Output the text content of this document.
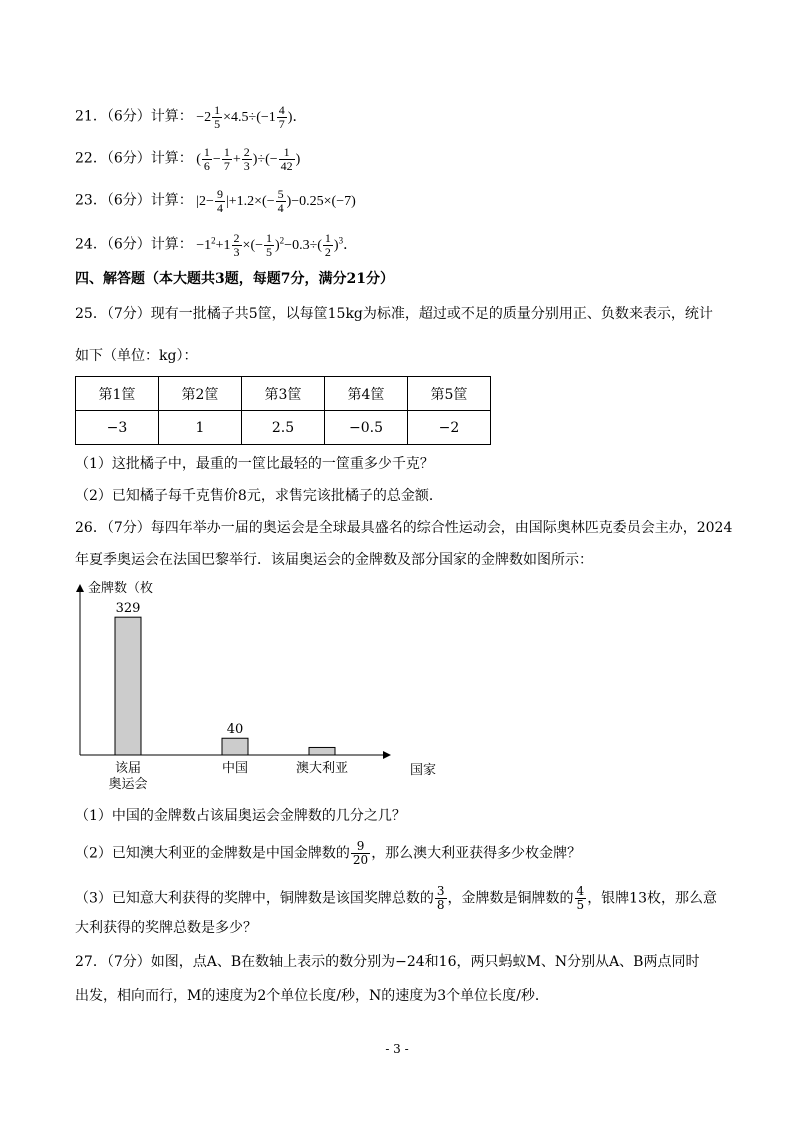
21．（6分）计算： $-2 \frac{1}{5} \times 4.5\div(-1 \frac{4}{7}$ )．
22．（6分）计算： ( $\frac{1}{6} - \frac{1}{7} + \frac{2}{3}$ )÷(− $\frac{1}{42}$ )
23．（6分）计算： $|2- \frac{9}{4} |+1.2\times(- \frac{5}{4} )-0.25\times(-7)$
24．（6分）计算： $-1^2+1 \frac{2}{3}$ ×(− $\frac{1}{5} )^2-0.3\div( \frac{1}{2} )^3$．
四、解答题（本大题共3题，每题7分，满分21分）
25．（7分）现有一批橘子共5筐，以每筐15kg为标准，超过或不足的质量分别用正、负数来表示，统计
如下（单位：kg）：
第1筐	第2筐	第3筐	第4筐	第5筐
−3	1	2.5	−0.5	−2
（1）这批橘子中，最重的一筐比最轻的一筐重多少千克？
（2）已知橘子每千克售价8元，求售完该批橘子的总金额．
26．（7分）每四年举办一届的奥运会是全球最具盛名的综合性运动会，由国际奥林匹克委员会主办，2024
年夏季奥运会在法国巴黎举行．该届奥运会的金牌数及部分国家的金牌数如图所示：
金牌数（枚
国家
329
该届
奥运会
40
中国	澳大利亚
（1）中国的金牌数占该届奥运会金牌数的几分之几？
（2）已知澳大利亚的金牌数是中国金牌数的 $\frac{9}{20}$ ，那么澳大利亚获得多少枚金牌？
（3）已知意大利获得的奖牌中，铜牌数是该国奖牌总数的 $\frac{3}{8}$ ，金牌数是铜牌数的 $\frac{4}{5}$ ，银牌13枚，那么意
大利获得的奖牌总数是多少？
27．（7分）如图，点A、B在数轴上表示的数分别为−24和16，两只蚂蚁M、N分别从A、B两点同时
出发，相向而行，M的速度为2个单位长度/秒，N的速度为3个单位长度/秒．
- 3 -
